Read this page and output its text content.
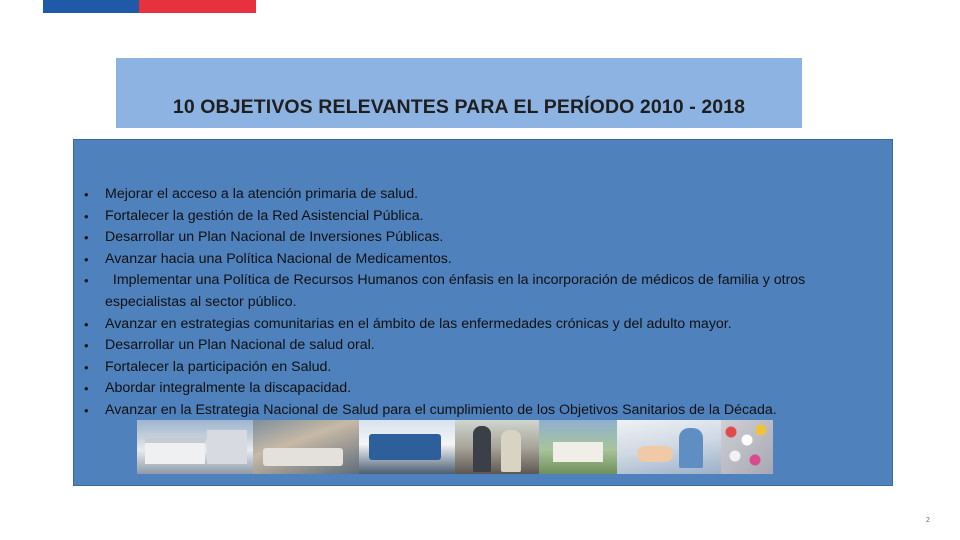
10 OBJETIVOS RELEVANTES PARA EL PERÍODO 2010 - 2018
• Mejorar el acceso a la atención primaria de salud.
• Fortalecer la gestión de la Red Asistencial Pública.
• Desarrollar un Plan Nacional de Inversiones Públicas.
• Avanzar hacia una Política Nacional de Medicamentos.
•   Implementar una Política de Recursos Humanos con énfasis en la incorporación de médicos de familia y otros especialistas al sector público.
• Avanzar en estrategias comunitarias en el ámbito de las enfermedades crónicas y del adulto mayor.
• Desarrollar un Plan Nacional de salud oral.
• Fortalecer la participación en Salud.
• Abordar integralmente la discapacidad.
• Avanzar en la Estrategia Nacional de Salud para el cumplimiento de los Objetivos Sanitarios de la Década.
2
